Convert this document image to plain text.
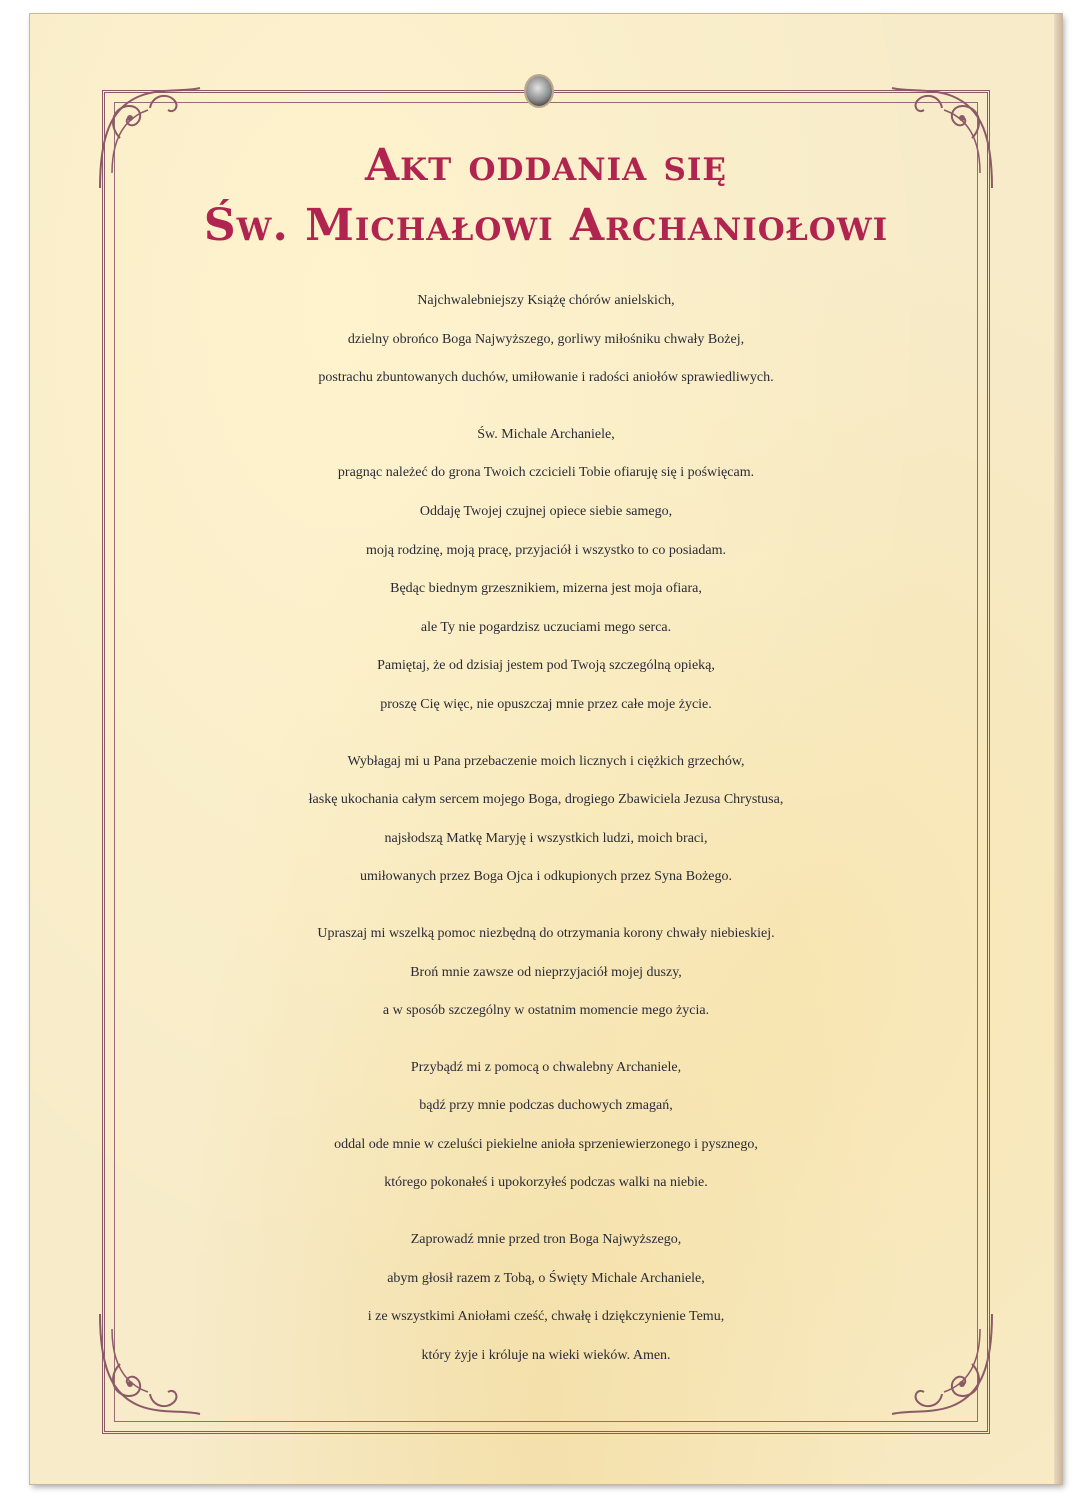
Akt oddania się
Św. Michałowi Archaniołowi

Najchwalebniejszy Książę chórów anielskich,
dzielny obrońco Boga Najwyższego, gorliwy miłośniku chwały Bożej,
postrachu zbuntowanych duchów, umiłowanie i radości aniołów sprawiedliwych.

Św. Michale Archaniele,
pragnąc należeć do grona Twoich czcicieli Tobie ofiaruję się i poświęcam.
Oddaję Twojej czujnej opiece siebie samego,
moją rodzinę, moją pracę, przyjaciół i wszystko to co posiadam.
Będąc biednym grzesznikiem, mizerna jest moja ofiara,
ale Ty nie pogardzisz uczuciami mego serca.
Pamiętaj, że od dzisiaj jestem pod Twoją szczególną opieką,
proszę Cię więc, nie opuszczaj mnie przez całe moje życie.

Wybłagaj mi u Pana przebaczenie moich licznych i ciężkich grzechów,
łaskę ukochania całym sercem mojego Boga, drogiego Zbawiciela Jezusa Chrystusa,
najsłodszą Matkę Maryję i wszystkich ludzi, moich braci,
umiłowanych przez Boga Ojca i odkupionych przez Syna Bożego.

Upraszaj mi wszelką pomoc niezbędną do otrzymania korony chwały niebieskiej.
Broń mnie zawsze od nieprzyjaciół mojej duszy,
a w sposób szczególny w ostatnim momencie mego życia.

Przybądź mi z pomocą o chwalebny Archaniele,
bądź przy mnie podczas duchowych zmagań,
oddal ode mnie w czeluści piekielne anioła sprzeniewierzonego i pysznego,
którego pokonałeś i upokorzyłeś podczas walki na niebie.

Zaprowadź mnie przed tron Boga Najwyższego,
abym głosił razem z Tobą, o Święty Michale Archaniele,
i ze wszystkimi Aniołami cześć, chwałę i dziękczynienie Temu,
który żyje i króluje na wieki wieków. Amen.
